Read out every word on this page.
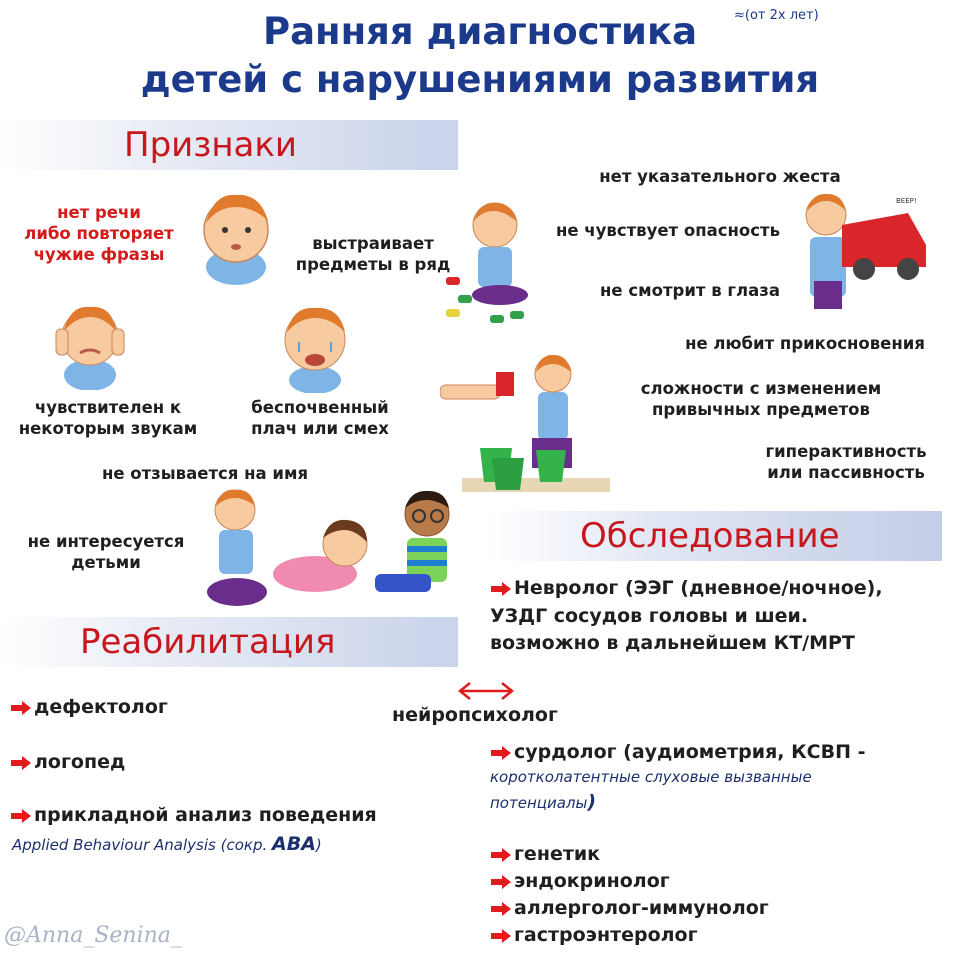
Ранняя диагностика	≈(от 2х лет)
детей с нарушениями развития
Признаки
BEEP!
нет речи
либо повторяет
чужие фразы
выстраивает
предметы в ряд
нет указательного жеста
не чувствует опасность
не смотрит в глаза
не любит прикосновения
сложности с изменением
привычных предметов
гиперактивность
или пассивность
чувствителен к
некоторым звукам
беспочвенный
плач или смех
не отзывается на имя
не интересуется
детьми
Обследование
Невролог (ЭЭГ (дневное/ночное),
УЗДГ сосудов головы и шеи.
возможно в дальнейшем КТ/МРТ
нейропсихолог
сурдолог (аудиометрия, КСВП -
коротколатентные слуховые вызванные
потенциалы)
генетик
эндокринолог
аллерголог-иммунолог
гастроэнтеролог
Реабилитация
дефектолог
логопед
прикладной анализ поведения
Applied Behaviour Analysis (сокр. ABA)
@Anna_Senina_
